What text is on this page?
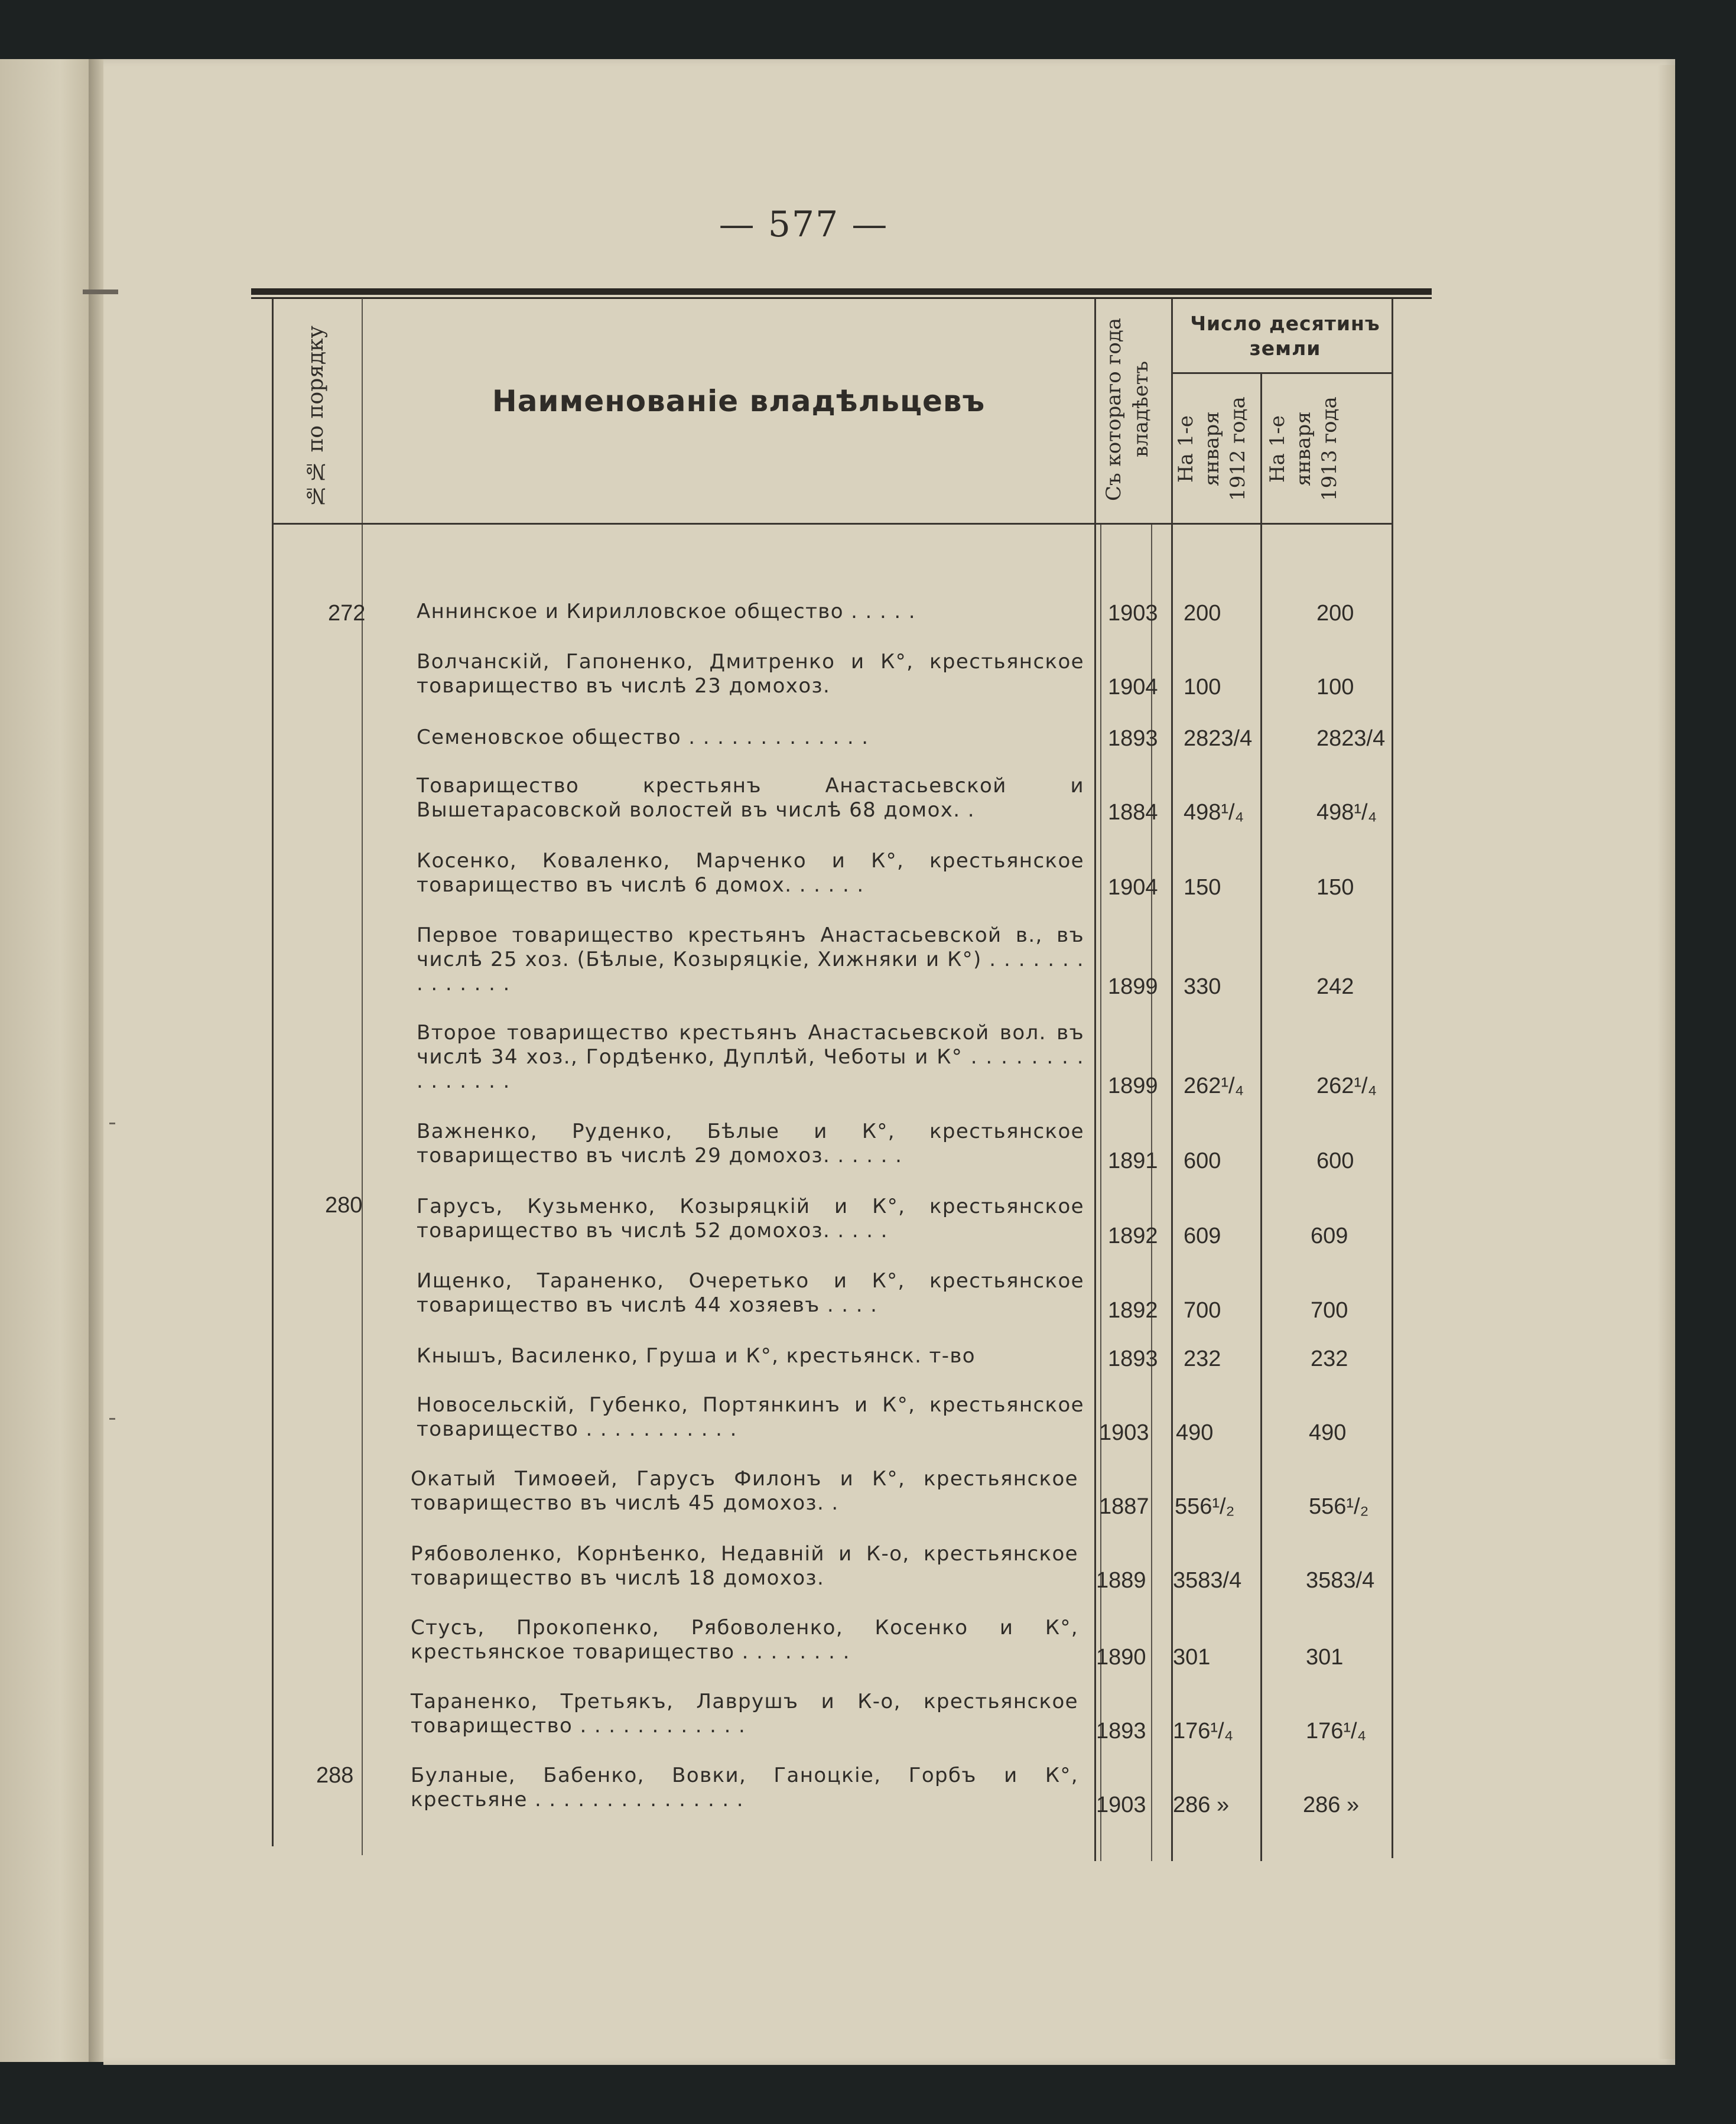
— 577 —
№№ по порядку	Наименованіе владѣльцевъ	Съ котораго года владѣетъ
Число десятинъ земли
На 1-е января 1912 года На 1-е января 1913 года
272	Аннинское и Кирилловское общество . . . . .	1903 200	200
Волчанскій, Гапоненко, Дмитренко и К°, крестьянское товарищество въ числѣ 23 домохоз.	1904 100	100
Семеновское общество . . . . . . . . . . . . .	1893 2823/4	2823/4
Товарищество крестьянъ Анастасьевской и Вышетарасовской волостей въ числѣ 68 домох. .	1884 498¹/₄	498¹/₄
Косенко, Коваленко, Марченко и К°, крестьянское товарищество въ числѣ 6 домох. . . . . .	1904 150	150
Первое товарищество крестьянъ Анастасьевской в., въ числѣ 25 хоз. (Бѣлые, Козыряцкіе, Хижняки и К°) . . . . . . . . . . . . . .	1899 330	242
Второе товарищество крестьянъ Анастасьевской вол. въ числѣ 34 хоз., Гордѣенко, Дуплѣй, Чеботы и К° . . . . . . . . . . . . . . .	1899 262¹/₄	262¹/₄
Важненко, Руденко, Бѣлые и К°, крестьянское товарищество въ числѣ 29 домохоз. . . . . .	1891 600	600
280	Гарусъ, Кузьменко, Козыряцкій и К°, крестьянское товарищество въ числѣ 52 домохоз. . . . .	1892 609	609
Ищенко, Тараненко, Очеретько и К°, крестьянское товарищество въ числѣ 44 хозяевъ . . . .	1892 700	700
Кнышъ, Василенко, Груша и К°, крестьянск. т-во	1893 232	232
Новосельскій, Губенко, Портянкинъ и К°, крестьянское товарищество . . . . . . . . . . .	1903 490	490
Окатый Тимоѳей, Гарусъ Филонъ и К°, крестьянское товарищество въ числѣ 45 домохоз. .	1887 556¹/₂	556¹/₂
Рябоволенко, Корнѣенко, Недавній и К-о, крестьянское товарищество въ числѣ 18 домохоз.	1889 3583/4	3583/4
Стусъ, Прокопенко, Рябоволенко, Косенко и К°, крестьянское товарищество . . . . . . . .	1890 301	301
Тараненко, Третьякъ, Лаврушъ и К-о, крестьянское товарищество . . . . . . . . . . . .	1893 176¹/₄	176¹/₄
288	Буланые, Бабенко, Вовки, Ганоцкіе, Горбъ и К°, крестьяне . . . . . . . . . . . . . . .	1903 286 »	286 »
